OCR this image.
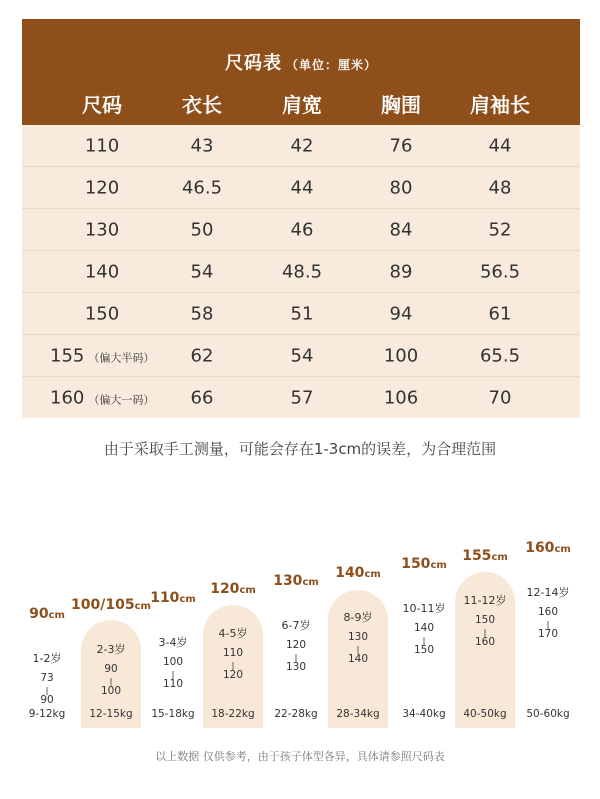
尺码表 （单位：厘米）
尺码	衣长	肩宽	胸围 肩袖长
110	43	42	76	44
120	46.5	44	80	48
130	50	46	84	52
140	54	48.5	89	56.5
150	58	51	94	61
155 （偏大半码） 62	54	100	65.5
160 （偏大一码） 66	57	106	70
由于采取手工测量，可能会存在1-3cm的误差，为合理范围
90cm
1-2岁
73
90
9-12kg
100/105cm
2-3岁
90
100
12-15kg
110cm
3-4岁
100
110
15-18kg
120cm
4-5岁
110
120
18-22kg
130cm
6-7岁
120
130
22-28kg
140cm
8-9岁
130
140
28-34kg
150cm
10-11岁
140
150
34-40kg
155cm
11-12岁
150
160
40-50kg
160cm
12-14岁
160
170
50-60kg
以上数据 仅供参考，由于孩子体型各异，具体请参照尺码表
